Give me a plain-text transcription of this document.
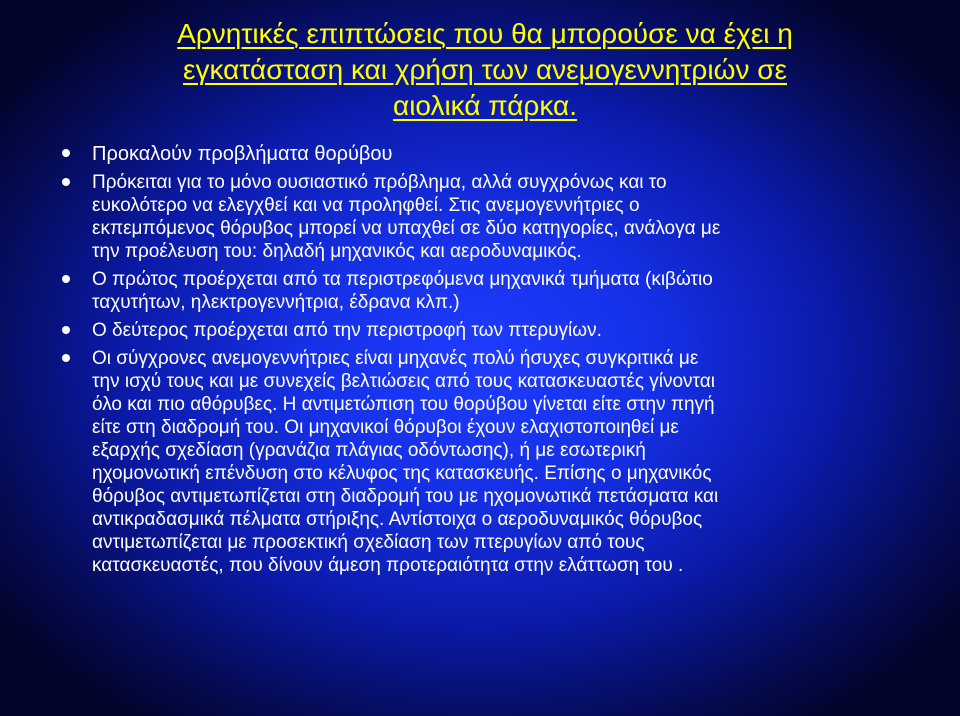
Αρνητικές επιπτώσεις που θα μπορούσε να έχει η
εγκατάσταση και χρήση των ανεμογεννητριών σε
αιολικά πάρκα.
Προκαλούν προβλήματα θορύβου
Πρόκειται για το μόνο ουσιαστικό πρόβλημα, αλλά συγχρόνως και το
ευκολότερο να ελεγχθεί και να προληφθεί. Στις ανεμογεννήτριες ο
εκπεμπόμενος θόρυβος μπορεί να υπαχθεί σε δύο κατηγορίες, ανάλογα με
την προέλευση του: δηλαδή μηχανικός και αεροδυναμικός.
Ο πρώτος προέρχεται από τα περιστρεφόμενα μηχανικά τμήματα (κιβώτιο
ταχυτήτων, ηλεκτρογεννήτρια, έδρανα κλπ.)
Ο δεύτερος προέρχεται από την περιστροφή των πτερυγίων.
Οι σύγχρονες ανεμογεννήτριες είναι μηχανές πολύ ήσυχες συγκριτικά με
την ισχύ τους και με συνεχείς βελτιώσεις από τους κατασκευαστές γίνονται
όλο και πιο αθόρυβες. Η αντιμετώπιση του θορύβου γίνεται είτε στην πηγή
είτε στη διαδρομή του. Οι μηχανικοί θόρυβοι έχουν ελαχιστοποιηθεί με
εξαρχής σχεδίαση (γρανάζια πλάγιας οδόντωσης), ή με εσωτερική
ηχομονωτική επένδυση στο κέλυφος της κατασκευής. Επίσης ο μηχανικός
θόρυβος αντιμετωπίζεται στη διαδρομή του με ηχομονωτικά πετάσματα και
αντικραδασμικά πέλματα στήριξης. Αντίστοιχα ο αεροδυναμικός θόρυβος
αντιμετωπίζεται με προσεκτική σχεδίαση των πτερυγίων από τους
κατασκευαστές, που δίνουν άμεση προτεραιότητα στην ελάττωση του .
